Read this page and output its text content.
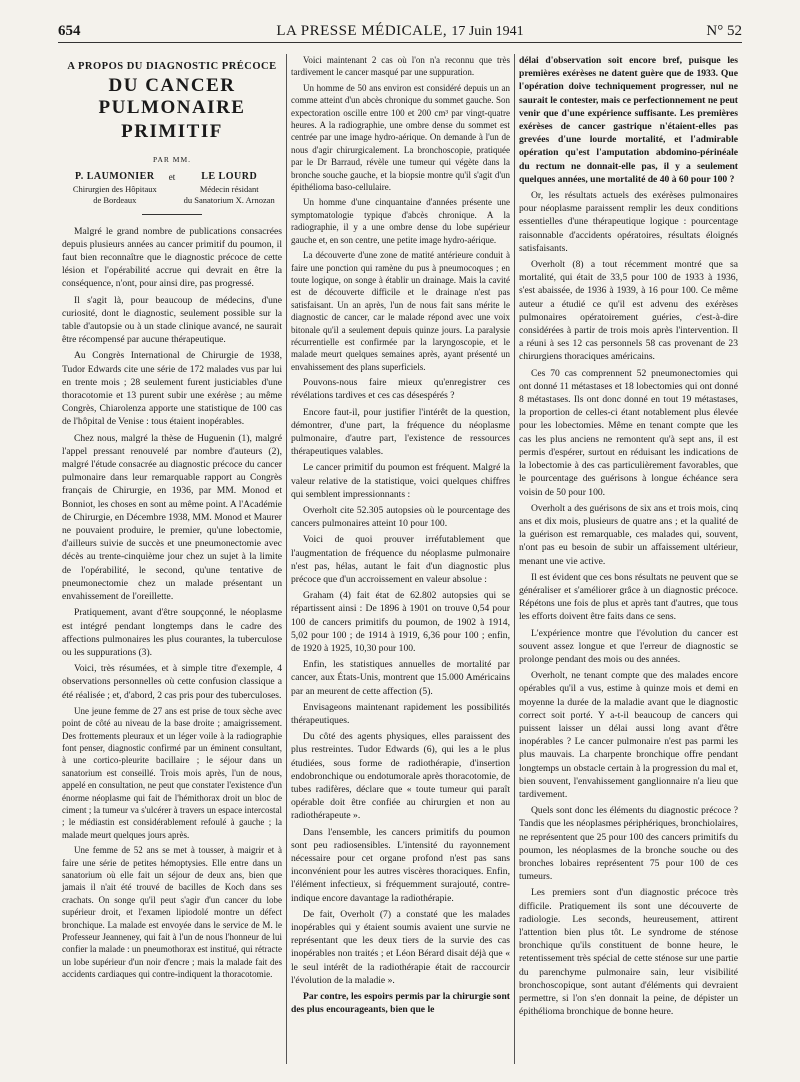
654	LA PRESSE MÉDICALE, 17 Juin 1941	N° 52
A PROPOS DU DIAGNOSTIC PRÉCOCE
DU CANCER PULMONAIRE
PRIMITIF
PAR MM.
P. LAUMONIER
Chirurgien des Hôpitaux
de Bordeaux
et	LE LOURD
Médecin résidant
du Sanatorium X. Arnozan

Malgré le grand nombre de publications consacrées depuis plusieurs années au cancer primitif du poumon, il faut bien reconnaître que le diagnostic précoce de cette lésion et l'opérabilité accrue qui devrait en être la conséquence, n'ont, pour ainsi dire, pas progressé.

Il s'agit là, pour beaucoup de médecins, d'une curiosité, dont le diagnostic, seulement possible sur la table d'autopsie ou à un stade clinique avancé, ne saurait être récompensé par aucune thérapeutique.

Au Congrès International de Chirurgie de 1938, Tudor Edwards cite une série de 172 malades vus par lui en trente mois ; 28 seulement furent justiciables d'une thoracotomie et 13 purent subir une exérèse ; au même Congrès, Chiarolenza apporte une statistique de 100 cas de l'hôpital de Venise : tous étaient inopérables.

Chez nous, malgré la thèse de Huguenin (1), malgré l'appel pressant renouvelé par nombre d'auteurs (2), malgré l'étude consacrée au diagnostic précoce du cancer pulmonaire dans leur remarquable rapport au Congrès français de Chirurgie, en 1936, par MM. Monod et Bonniot, les choses en sont au même point. A l'Académie de Chirurgie, en Décembre 1938, MM. Monod et Maurer ne pouvaient produire, le premier, qu'une lobectomie, d'ailleurs suivie de succès et une pneumonectomie avec décès au trente-cinquième jour chez un sujet à la limite de l'opérabilité, le second, qu'une tentative de pneumonectomie chez un malade présentant un envahissement de l'oreillette.

Pratiquement, avant d'être soupçonné, le néoplasme est intégré pendant longtemps dans le cadre des affections pulmonaires les plus courantes, la tuberculose ou les suppurations (3).

Voici, très résumées, et à simple titre d'exemple, 4 observations personnelles où cette confusion classique a été réalisée ; et, d'abord, 2 cas pris pour des tuberculoses.

Une jeune femme de 27 ans est prise de toux sèche avec point de côté au niveau de la base droite ; amaigrissement. Des frottements pleuraux et un léger voile à la radiographie font penser, diagnostic confirmé par un éminent consultant, à une cortico-pleurite bacillaire ; le séjour dans un sanatorium est conseillé. Trois mois après, l'un de nous, appelé en consultation, ne peut que constater l'existence d'un énorme néoplasme qui fait de l'hémithorax droit un bloc de ciment ; la tumeur va s'ulcérer à travers un espace intercostal ; le médiastin est considérablement refoulé à gauche ; la malade meurt quelques jours après.

Une femme de 52 ans se met à tousser, à maigrir et à faire une série de petites hémoptysies. Elle entre dans un sanatorium où elle fait un séjour de deux ans, bien que jamais il n'ait été trouvé de bacilles de Koch dans ses crachats. On songe qu'il peut s'agir d'un cancer du lobe supérieur droit, et l'examen lipiodolé montre un défect bronchique. La malade est envoyée dans le service de M. le Professeur Jeanneney, qui fait à l'un de nous l'honneur de lui confier la malade : un pneumothorax est institué, qui rétracte un lobe supérieur d'un noir d'encre ; mais la malade fait des accidents cardiaques qui contre-indiquent la thoracotomie.

Voici maintenant 2 cas où l'on n'a reconnu que très tardivement le cancer masqué par une suppuration.

Un homme de 50 ans environ est considéré depuis un an comme atteint d'un abcès chronique du sommet gauche. Son expectoration oscille entre 100 et 200 cm³ par vingt-quatre heures. A la radiographie, une ombre dense du sommet est centrée par une image hydro-aérique. On demande à l'un de nous d'agir chirurgicalement. La bronchoscopie, pratiquée par le Dr Barraud, révèle une tumeur qui végète dans la bronche souche gauche, et la biopsie montre qu'il s'agit d'un épithélioma baso-cellulaire.

Un homme d'une cinquantaine d'années présente une symptomatologie typique d'abcès chronique. A la radiographie, il y a une ombre dense du lobe supérieur gauche et, en son centre, une petite image hydro-aérique.

La découverte d'une zone de matité antérieure conduit à faire une ponction qui ramène du pus à pneumocoques ; en toute logique, on songe à établir un drainage. Mais la cavité est de découverte difficile et le drainage n'est pas satisfaisant. Un an après, l'un de nous fait sans mérite le diagnostic de cancer, car le malade répond avec une voix bitonale qu'il a seulement depuis quinze jours. La paralysie récurrentielle est confirmée par la laryngoscopie, et le malade meurt quelques semaines après, ayant présenté un envahissement des plans superficiels.

Pouvons-nous faire mieux qu'enregistrer ces révélations tardives et ces cas désespérés ?

Encore faut-il, pour justifier l'intérêt de la question, démontrer, d'une part, la fréquence du néoplasme pulmonaire, d'autre part, l'existence de ressources thérapeutiques valables.

Le cancer primitif du poumon est fréquent. Malgré la valeur relative de la statistique, voici quelques chiffres qui semblent impressionnants :

Overholt cite 52.305 autopsies où le pourcentage des cancers pulmonaires atteint 10 pour 100.

Voici de quoi prouver irréfutablement que l'augmentation de fréquence du néoplasme pulmonaire n'est pas, hélas, autant le fait d'un diagnostic plus précoce que d'un accroissement en valeur absolue :

Graham (4) fait état de 62.802 autopsies qui se répartissent ainsi : De 1896 à 1901 on trouve 0,54 pour 100 de cancers primitifs du poumon, de 1902 à 1914, 5,02 pour 100 ; de 1914 à 1919, 6,36 pour 100 ; enfin, de 1920 à 1925, 10,30 pour 100.

Enfin, les statistiques annuelles de mortalité par cancer, aux États-Unis, montrent que 15.000 Américains par an meurent de cette affection (5).

Envisageons maintenant rapidement les possibilités thérapeutiques.

Du côté des agents physiques, elles paraissent des plus restreintes. Tudor Edwards (6), qui les a le plus étudiées, sous forme de radiothérapie, d'insertion endobronchique ou endotumorale après thoracotomie, de tubes radifères, déclare que « toute tumeur qui paraît opérable doit être confiée au chirurgien et non au radiothérapeute ».

Dans l'ensemble, les cancers primitifs du poumon sont peu radiosensibles. L'intensité du rayonnement nécessaire pour cet organe profond n'est pas sans inconvénient pour les autres viscères thoraciques. Enfin, l'élément infectieux, si fréquemment surajouté, contre-indique encore davantage la radiothérapie.

De fait, Overholt (7) a constaté que les malades inopérables qui y étaient soumis avaient une survie ne représentant que les deux tiers de la survie des cas inopérables non traités ; et Léon Bérard disait déjà que « le seul intérêt de la radiothérapie était de raccourcir l'évolution de la maladie ».

Par contre, les espoirs permis par la chirurgie sont des plus encourageants, bien que le

délai d'observation soit encore bref, puisque les premières exérèses ne datent guère que de 1933. Que l'opération doive techniquement progresser, nul ne saurait le contester, mais ce perfectionnement ne peut venir que d'une expérience suffisante. Les premières exérèses de cancer gastrique n'étaient-elles pas grevées d'une lourde mortalité, et l'admirable opération qu'est l'amputation abdomino-périnéale du rectum ne donnait-elle pas, il y a seulement quelques années, une mortalité de 40 à 60 pour 100 ?

Or, les résultats actuels des exérèses pulmonaires pour néoplasme paraissent remplir les deux conditions essentielles d'une thérapeutique logique : pourcentage raisonnable d'accidents opératoires, résultats éloignés satisfaisants.

Overholt (8) a tout récemment montré que sa mortalité, qui était de 33,5 pour 100 de 1933 à 1936, s'est abaissée, de 1936 à 1939, à 16 pour 100. Ce même auteur a étudié ce qu'il est advenu des exérèses pulmonaires opératoirement guéries, c'est-à-dire considérées à partir de trois mois après l'intervention. Il a réuni à ses 12 cas personnels 58 cas provenant de 23 chirurgiens thoraciques américains.

Ces 70 cas comprennent 52 pneumonectomies qui ont donné 11 métastases et 18 lobectomies qui ont donné 8 métastases. Ils ont donc donné en tout 19 métastases, la proportion de celles-ci étant notablement plus élevée pour les lobectomies. Même en tenant compte que les cas les plus anciens ne remontent qu'à sept ans, il est permis d'espérer, surtout en réduisant les indications de la lobectomie à des cas particulièrement favorables, que le pourcentage des guérisons à longue échéance sera voisin de 50 pour 100.

Overholt a des guérisons de six ans et trois mois, cinq ans et dix mois, plusieurs de quatre ans ; et la qualité de la guérison est remarquable, ces malades qui, souvent, n'ont pas eu besoin de subir un affaissement ultérieur, menant une vie active.

Il est évident que ces bons résultats ne peuvent que se généraliser et s'améliorer grâce à un diagnostic précoce. Répétons une fois de plus et après tant d'autres, que tous les efforts doivent être faits dans ce sens.

L'expérience montre que l'évolution du cancer est souvent assez longue et que l'erreur de diagnostic se prolonge pendant des mois ou des années.

Overholt, ne tenant compte que des malades encore opérables qu'il a vus, estime à quinze mois et demi en moyenne la durée de la maladie avant que le diagnostic correct soit porté. Y a-t-il beaucoup de cancers qui puissent laisser un délai aussi long avant d'être inopérables ? Le cancer pulmonaire n'est pas parmi les plus mauvais. La charpente bronchique offre pendant longtemps un obstacle certain à la progression du mal et, bien souvent, l'envahissement ganglionnaire n'a lieu que tardivement.

Quels sont donc les éléments du diagnostic précoce ? Tandis que les néoplasmes périphériques, bronchiolaires, ne représentent que 25 pour 100 des cancers primitifs du poumon, les néoplasmes de la bronche souche ou des bronches lobaires représentent 75 pour 100 de ces tumeurs.

Les premiers sont d'un diagnostic précoce très difficile. Pratiquement ils sont une découverte de radiologie. Les seconds, heureusement, attirent l'attention bien plus tôt. Le syndrome de sténose bronchique qu'ils constituent de bonne heure, le retentissement très spécial de cette sténose sur une partie du parenchyme pulmonaire sain, leur visibilité bronchoscopique, sont autant d'éléments qui devraient permettre, si l'on s'en donnait la peine, de dépister un épithélioma bronchique de bonne heure.
